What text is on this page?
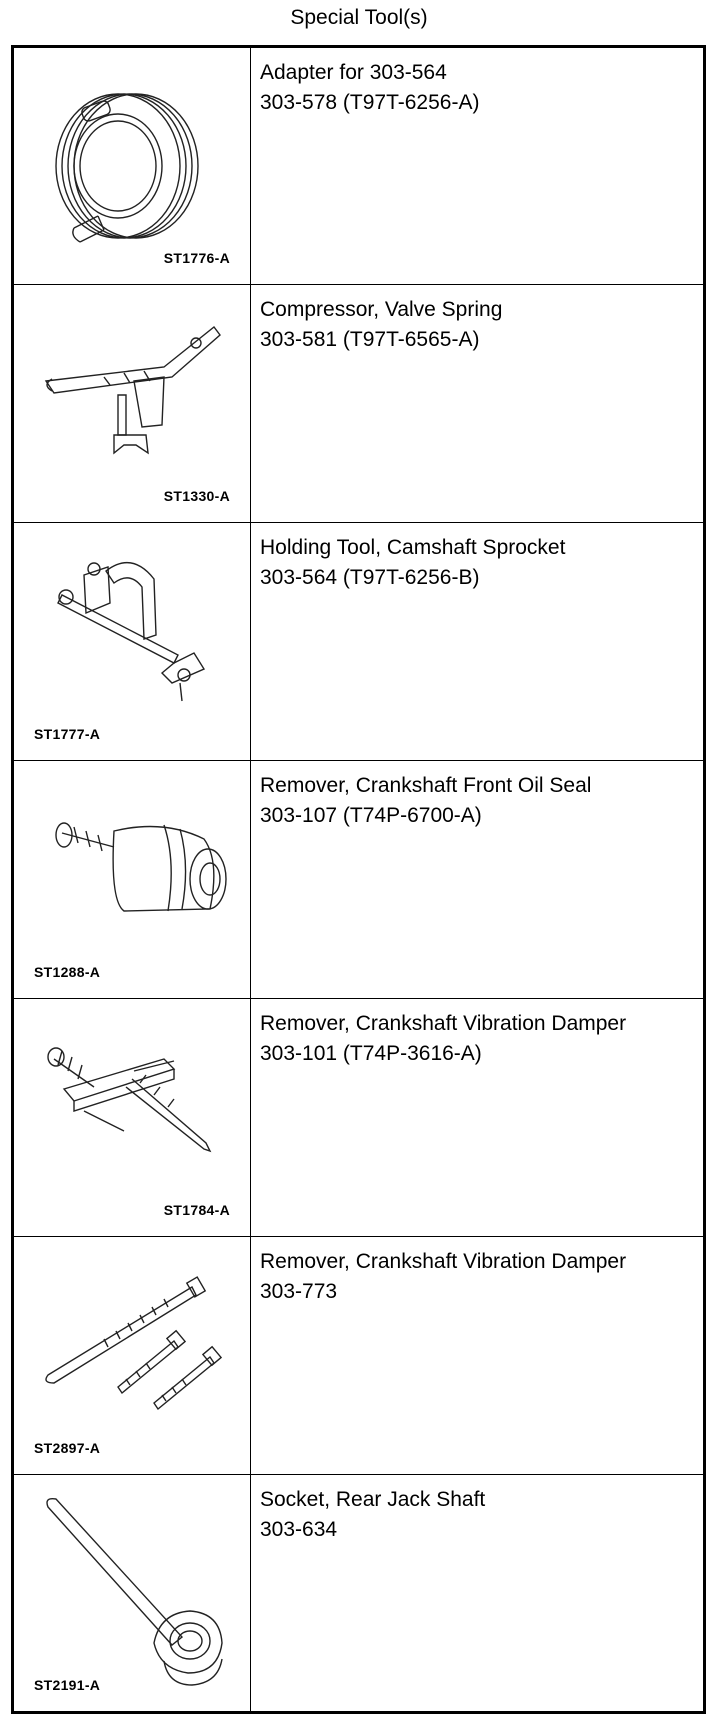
Special Tool(s)
ST1776-A	Adapter for 303-564
303-578 (T97T-6256-A)

ST1330-A	Compressor, Valve Spring
303-581 (T97T-6565-A)

ST1777-A	Holding Tool, Camshaft Sprocket
303-564 (T97T-6256-B)

ST1288-A	Remover, Crankshaft Front Oil Seal
303-107 (T74P-6700-A)

ST1784-A	Remover, Crankshaft Vibration Damper
303-101 (T74P-3616-A)

ST2897-A	Remover, Crankshaft Vibration Damper
303-773

ST2191-A	Socket, Rear Jack Shaft
303-634
